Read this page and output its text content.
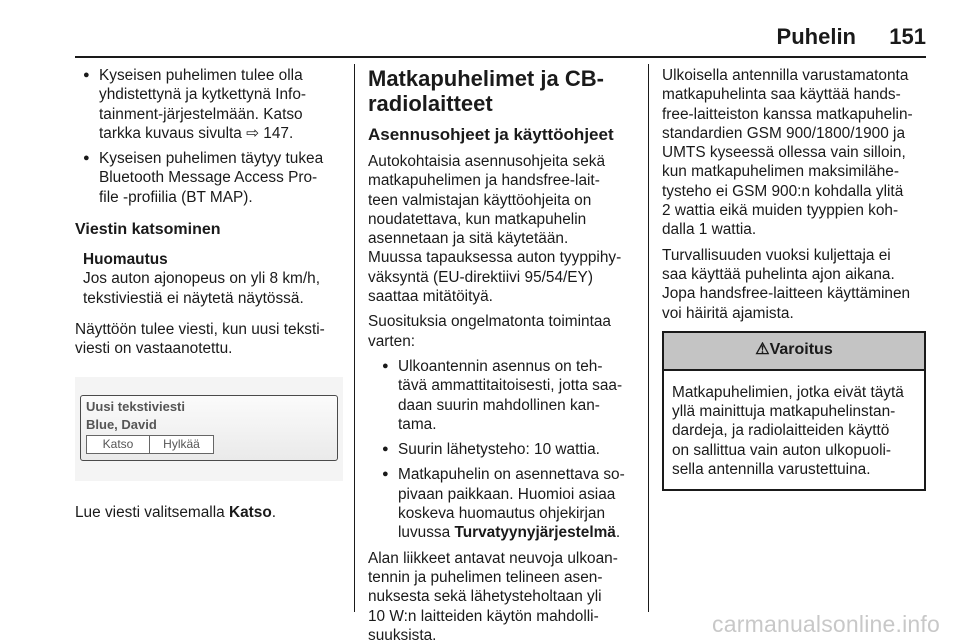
Puhelin 151
● Kyseisen puhelimen tulee olla
yhdistettynä ja kytkettynä Info‐
tainment-järjestelmään. Katso
tarkka kuvaus sivulta ⇨ 147.
● Kyseisen puhelimen täytyy tukea
Bluetooth Message Access Pro‐
file -profiilia (BT MAP).
Viestin katsominen
Huomautus
Jos auton ajonopeus on yli 8 km/h,
tekstiviestiä ei näytetä näytössä.

Näyttöön tulee viesti, kun uusi teksti‐
viesti on vastaanotettu.

Uusi tekstiviesti
Blue, David
Katso	Hylkää

Lue viesti valitsemalla Katso.

Matkapuhelimet ja CB-
radiolaitteet
Asennusohjeet ja käyttöohjeet

Autokohtaisia asennusohjeita sekä
matkapuhelimen ja handsfree-lait‐
teen valmistajan käyttöohjeita on
noudatettava, kun matkapuhelin
asennetaan ja sitä käytetään.
Muussa tapauksessa auton tyyppihy‐
väksyntä (EU-direktiivi 95/54/EY)
saattaa mitätöityä.

Suosituksia ongelmatonta toimintaa
varten:

● Ulkoantennin asennus on teh‐
tävä ammattitaitoisesti, jotta saa‐
daan suurin mahdollinen kan‐
tama.
● Suurin lähetysteho: 10 wattia.
● Matkapuhelin on asennettava so‐
pivaan paikkaan. Huomioi asiaa
koskeva huomautus ohjekirjan
luvussa Turvatyynyjärjestelmä.

Alan liikkeet antavat neuvoja ulkoan‐
tennin ja puhelimen telineen asen‐
nuksesta sekä lähetysteholtaan yli
10 W:n laitteiden käytön mahdolli‐
suuksista.

Ulkoisella antennilla varustamatonta
matkapuhelinta saa käyttää hands‐
free-laitteiston kanssa matkapuhelin‐
standardien GSM 900/1800/1900 ja
UMTS kyseessä ollessa vain silloin,
kun matkapuhelimen maksimilähe‐
tysteho ei GSM 900:n kohdalla ylitä
2 wattia eikä muiden tyyppien koh‐
dalla 1 wattia.

Turvallisuuden vuoksi kuljettaja ei
saa käyttää puhelinta ajon aikana.
Jopa handsfree-laitteen käyttäminen
voi häiritä ajamista.

⚠Varoitus
Matkapuhelimien, jotka eivät täytä
yllä mainittuja matkapuhelinstan‐
dardeja, ja radiolaitteiden käyttö
on sallittua vain auton ulkopuoli‐
sella antennilla varustettuina.
carmanualsonline.info
